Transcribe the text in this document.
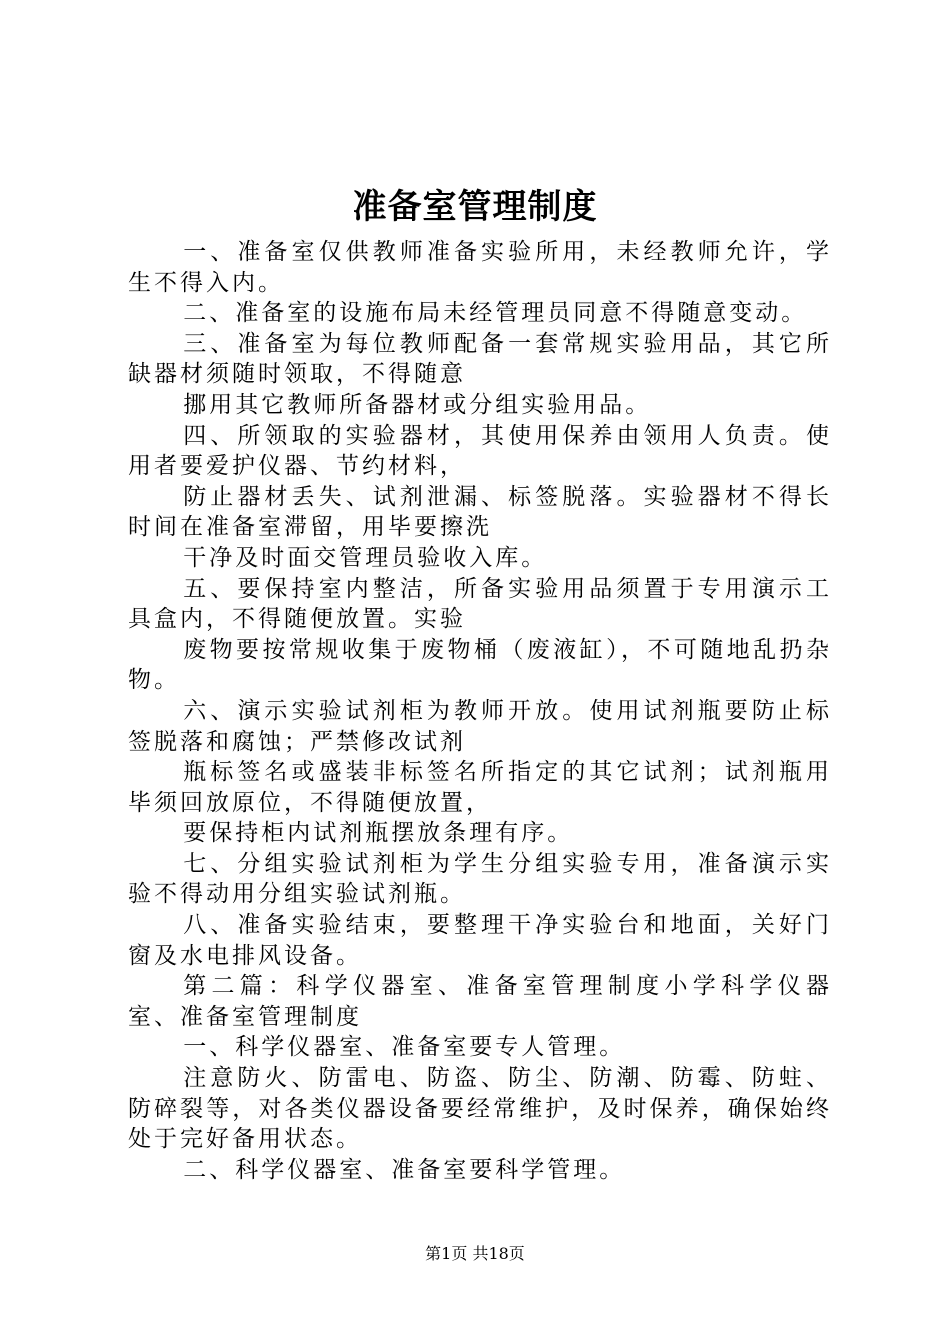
准备室管理制度

一、准备室仅供教师准备实验所用，未经教师允许，学生不得入内。

二、准备室的设施布局未经管理员同意不得随意变动。

三、准备室为每位教师配备一套常规实验用品，其它所缺器材须随时领取，不得随意

挪用其它教师所备器材或分组实验用品。

四、所领取的实验器材，其使用保养由领用人负责。使用者要爱护仪器、节约材料，

防止器材丢失、试剂泄漏、标签脱落。实验器材不得长时间在准备室滞留，用毕要擦洗

干净及时面交管理员验收入库。

五、要保持室内整洁，所备实验用品须置于专用演示工具盒内，不得随便放置。实验

废物要按常规收集于废物桶（废液缸），不可随地乱扔杂物。

六、演示实验试剂柜为教师开放。使用试剂瓶要防止标签脱落和腐蚀；严禁修改试剂

瓶标签名或盛装非标签名所指定的其它试剂；试剂瓶用毕须回放原位，不得随便放置，

要保持柜内试剂瓶摆放条理有序。

七、分组实验试剂柜为学生分组实验专用，准备演示实验不得动用分组实验试剂瓶。

八、准备实验结束，要整理干净实验台和地面，关好门窗及水电排风设备。

第二篇：科学仪器室、准备室管理制度小学科学仪器室、准备室管理制度

一、科学仪器室、准备室要专人管理。

注意防火、防雷电、防盗、防尘、防潮、防霉、防蛀、防碎裂等，对各类仪器设备要经常维护，及时保养，确保始终处于完好备用状态。

二、科学仪器室、准备室要科学管理。

第1页 共18页
